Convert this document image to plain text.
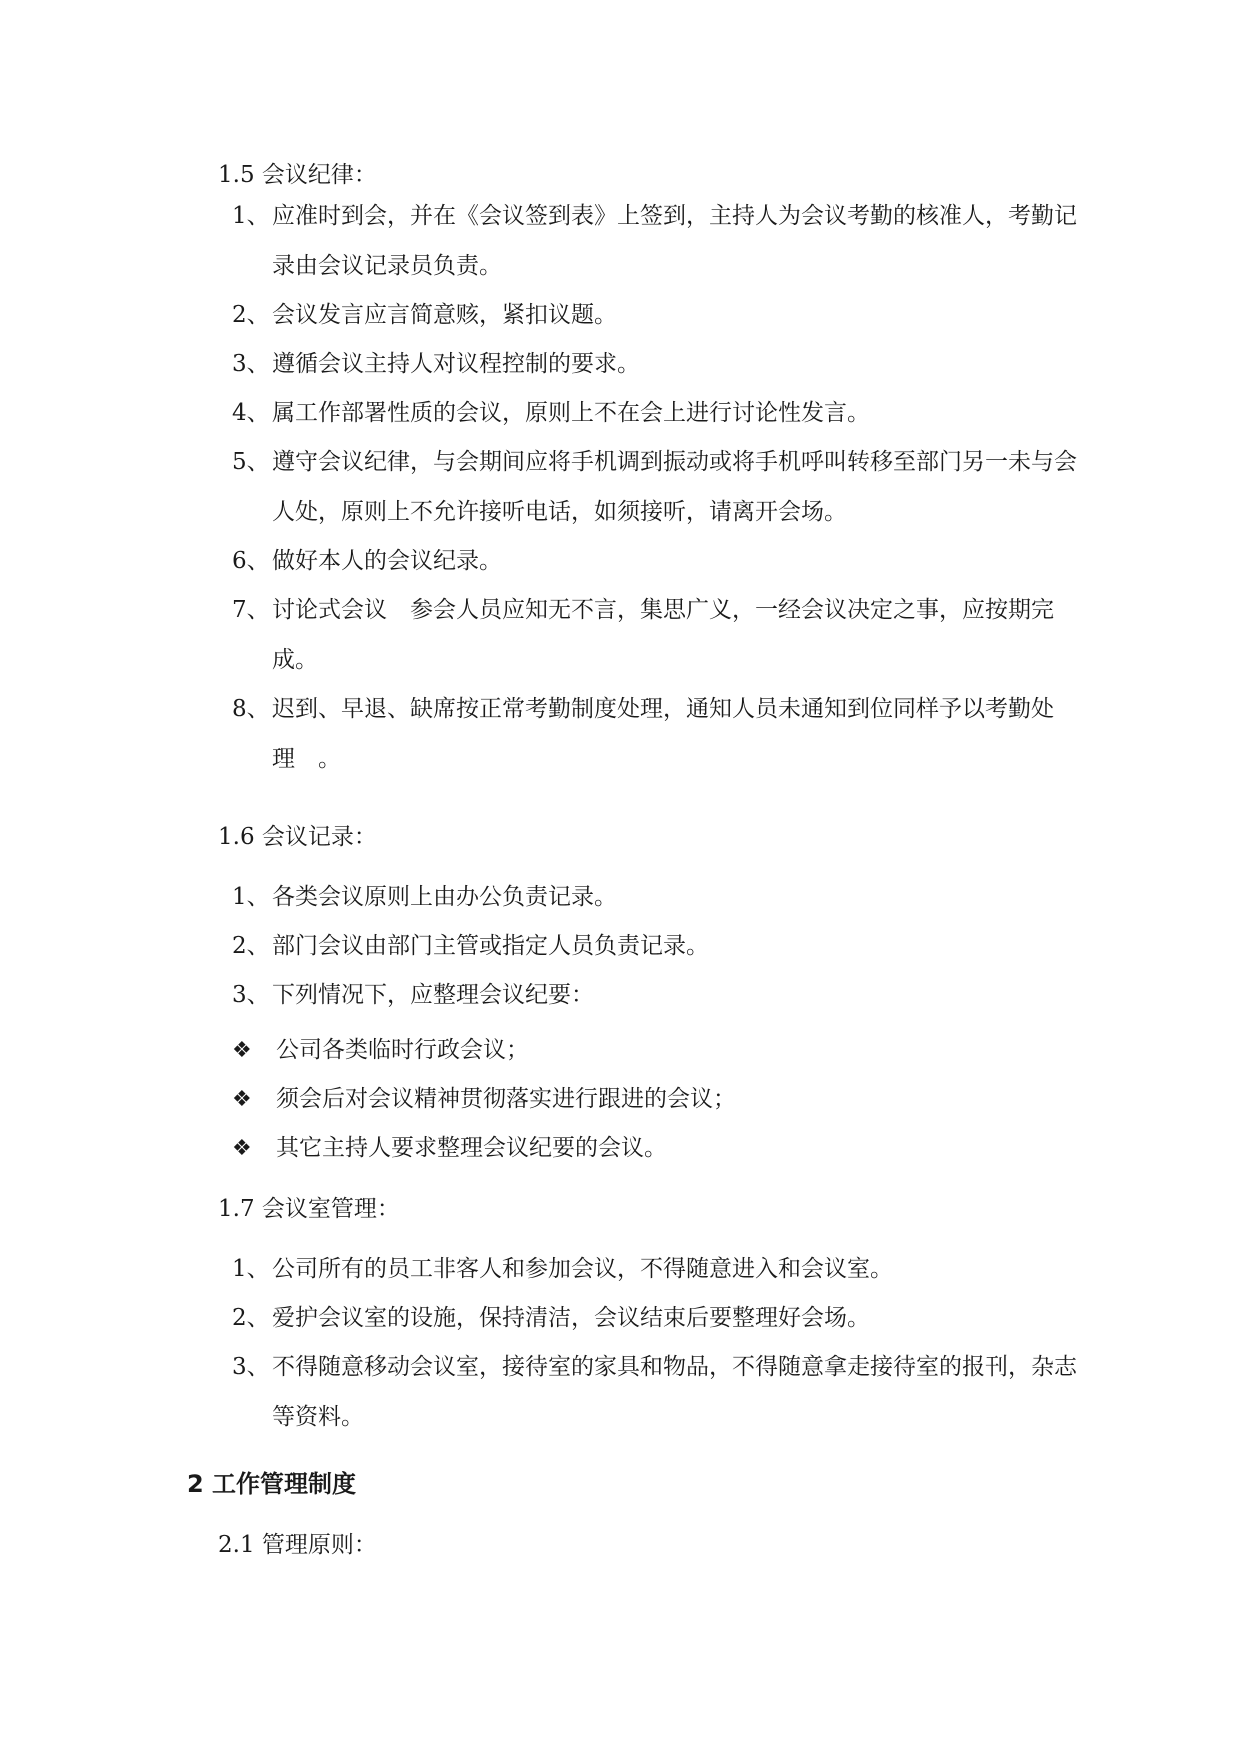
1.5 会议纪律：
1、 应准时到会，并在《会议签到表》上签到，主持人为会议考勤的核准人，考勤记录由会议记录员负责。
2、 会议发言应言简意赅，紧扣议题。
3、 遵循会议主持人对议程控制的要求。
4、 属工作部署性质的会议，原则上不在会上进行讨论性发言。
5、 遵守会议纪律，与会期间应将手机调到振动或将手机呼叫转移至部门另一未与会人处，原则上不允许接听电话，如须接听，请离开会场。
6、 做好本人的会议纪录。
7、 讨论式会议　参会人员应知无不言，集思广义，一经会议决定之事，应按期完成。
8、 迟到、早退、缺席按正常考勤制度处理，通知人员未通知到位同样予以考勤处理　。
1.6 会议记录：
1、 各类会议原则上由办公负责记录。
2、 部门会议由部门主管或指定人员负责记录。
3、 下列情况下，应整理会议纪要：
❖ 公司各类临时行政会议；
❖ 须会后对会议精神贯彻落实进行跟进的会议；
❖ 其它主持人要求整理会议纪要的会议。
1.7 会议室管理：
1、 公司所有的员工非客人和参加会议，不得随意进入和会议室。
2、 爱护会议室的设施，保持清洁，会议结束后要整理好会场。
3、 不得随意移动会议室，接待室的家具和物品，不得随意拿走接待室的报刊，杂志等资料。
2 工作管理制度
2.1 管理原则：
